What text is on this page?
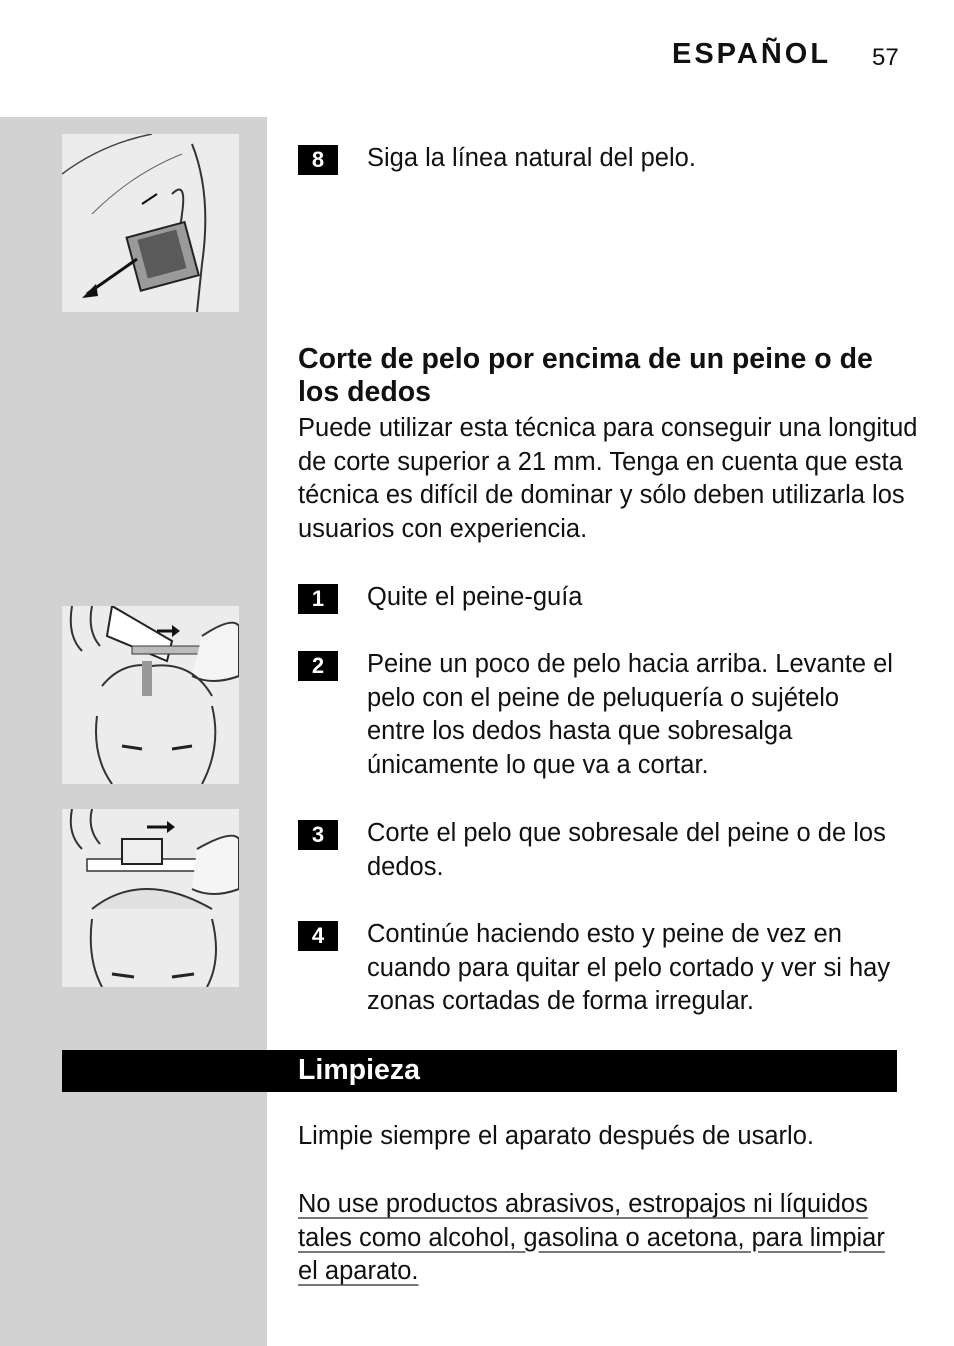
ESPAÑOL 57
8	Siga la línea natural del pelo.
Corte de pelo por encima de un peine o de los dedos
Puede utilizar esta técnica para conseguir una longitud de corte superior a 21 mm. Tenga en cuenta que esta técnica es difícil de dominar y sólo deben utilizarla los usuarios con experiencia.
1	Quite el peine-guía
2	Peine un poco de pelo hacia arriba. Levante el pelo con el peine de peluquería o sujételo entre los dedos hasta que sobresalga únicamente lo que va a cortar.
3	Corte el pelo que sobresale del peine o de los dedos.
4	Continúe haciendo esto y peine de vez en cuando para quitar el pelo cortado y ver si hay zonas cortadas de forma irregular.
Limpieza
Limpie siempre el aparato después de usarlo.
No use productos abrasivos, estropajos ni líquidos tales como alcohol, gasolina o acetona, para limpiar el aparato.
